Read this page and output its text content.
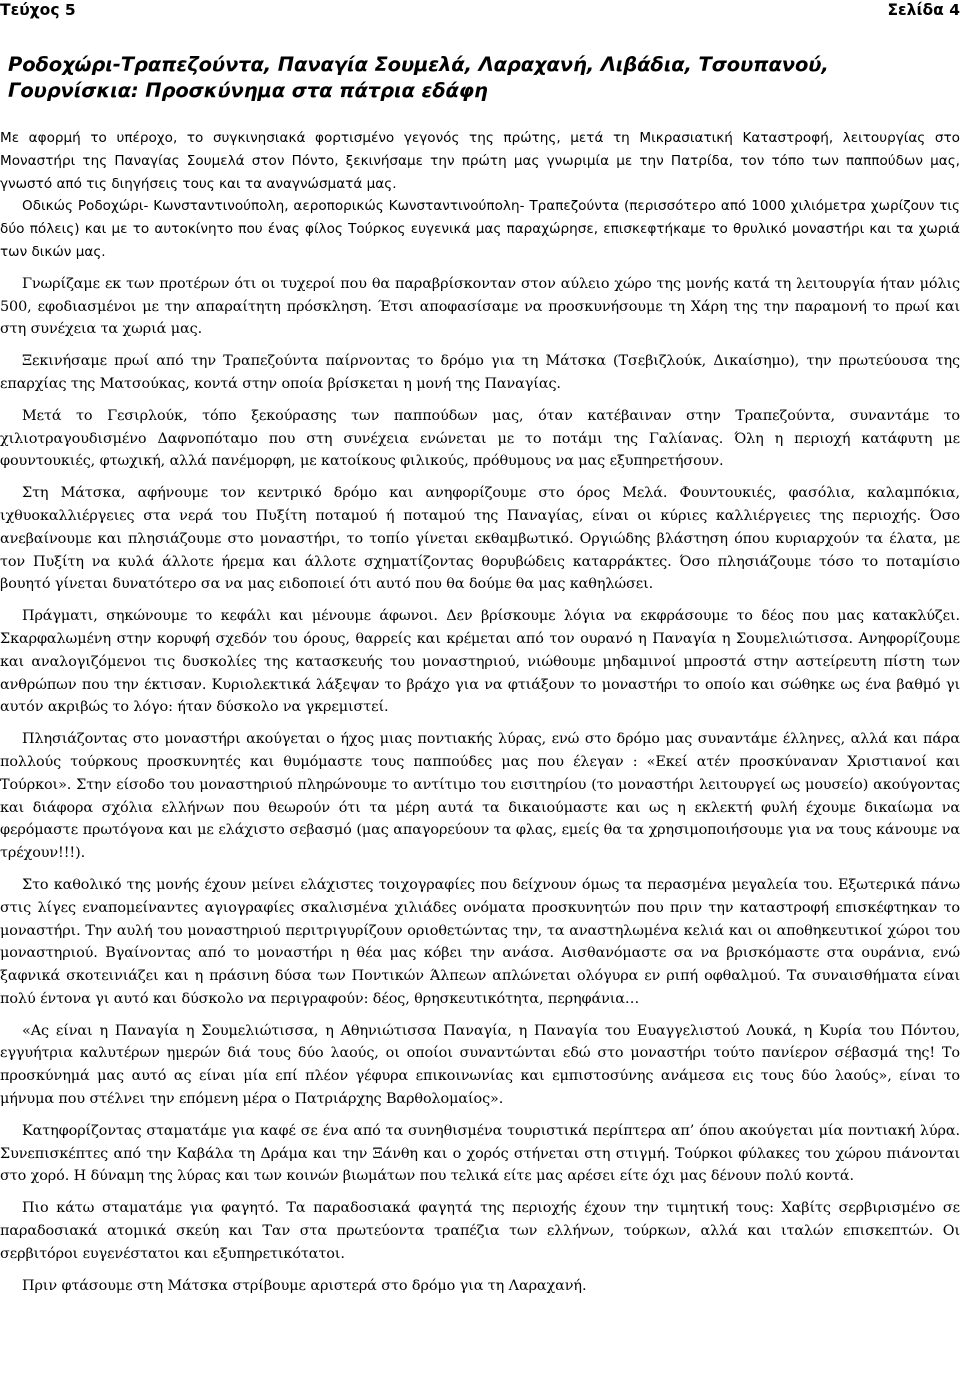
Τεύχος 5	Σελίδα 4
Ροδοχώρι-Τραπεζούντα, Παναγία Σουμελά, Λαραχανή, Λιβάδια, Τσουπανού, Γουρνίσκια: Προσκύνημα στα πάτρια εδάφη

Με αφορμή το υπέροχο, το συγκινησιακά φορτισμένο γεγονός της πρώτης, μετά τη Μικρασιατική Καταστροφή, λειτουργίας στο Μοναστήρι της Παναγίας Σουμελά στον Πόντο, ξεκινήσαμε την πρώτη μας γνωριμία με την Πατρίδα, τον τόπο των παππούδων μας, γνωστό από τις διηγήσεις τους και τα αναγνώσματά μας.

Οδικώς Ροδοχώρι- Κωνσταντινούπολη, αεροπορικώς Κωνσταντινούπολη- Τραπεζούντα (περισσότερο από 1000 χιλιόμετρα χωρίζουν τις δύο πόλεις) και με το αυτοκίνητο που ένας φίλος Τούρκος ευγενικά μας παραχώρησε, επισκεφτήκαμε το θρυλικό μοναστήρι και τα χωριά των δικών μας.

Γνωρίζαμε εκ των προτέρων ότι οι τυχεροί που θα παραβρίσκονταν στον αύλειο χώρο της μονής κατά τη λειτουργία ήταν μόλις 500, εφοδιασμένοι με την απαραίτητη πρόσκληση. Έτσι αποφασίσαμε να προσκυνήσουμε τη Χάρη της την παραμονή το πρωί και στη συνέχεια τα χωριά μας.

Ξεκινήσαμε πρωί από την Τραπεζούντα παίρνοντας το δρόμο για τη Μάτσκα (Τσεβιζλούκ, Δικαίσημο), την πρωτεύουσα της επαρχίας της Ματσούκας, κοντά στην οποία βρίσκεται η μονή της Παναγίας.

Μετά το Γεσιρλούκ, τόπο ξεκούρασης των παππούδων μας, όταν κατέβαιναν στην Τραπεζούντα, συναντάμε το χιλιοτραγουδισμένο Δαφνοπόταμο που στη συνέχεια ενώνεται με το ποτάμι της Γαλίανας. Όλη η περιοχή κατάφυτη με φουντουκιές, φτωχική, αλλά πανέμορφη, με κατοίκους φιλικούς, πρόθυμους να μας εξυπηρετήσουν.

Στη Μάτσκα, αφήνουμε τον κεντρικό δρόμο και ανηφορίζουμε στο όρος Μελά. Φουντουκιές, φασόλια, καλαμπόκια, ιχθυοκαλλιέργειες στα νερά του Πυξίτη ποταμού ή ποταμού της Παναγίας, είναι οι κύριες καλλιέργειες της περιοχής. Όσο ανεβαίνουμε και πλησιάζουμε στο μοναστήρι, το τοπίο γίνεται εκθαμβωτικό. Οργιώδης βλάστηση όπου κυριαρχούν τα έλατα, με τον Πυξίτη να κυλά άλλοτε ήρεμα και άλλοτε σχηματίζοντας θορυβώδεις καταρράκτες. Όσο πλησιάζουμε τόσο το ποταμίσιο βουητό γίνεται δυνατότερο σα να μας ειδοποιεί ότι αυτό που θα δούμε θα μας καθηλώσει.

Πράγματι, σηκώνουμε το κεφάλι και μένουμε άφωνοι. Δεν βρίσκουμε λόγια να εκφράσουμε το δέος που μας κατακλύζει. Σκαρφαλωμένη στην κορυφή σχεδόν του όρους, θαρρείς και κρέμεται από τον ουρανό η Παναγία η Σουμελιώτισσα. Ανηφορίζουμε και αναλογιζόμενοι τις δυσκολίες της κατασκευής του μοναστηριού, νιώθουμε μηδαμινοί μπροστά στην αστείρευτη πίστη των ανθρώπων που την έκτισαν. Κυριολεκτικά λάξεψαν το βράχο για να φτιάξουν το μοναστήρι το οποίο και σώθηκε ως ένα βαθμό γι αυτόν ακριβώς το λόγο: ήταν δύσκολο να γκρεμιστεί.

Πλησιάζοντας στο μοναστήρι ακούγεται ο ήχος μιας ποντιακής λύρας, ενώ στο δρόμο μας συναντάμε έλληνες, αλλά και πάρα πολλούς τούρκους προσκυνητές και θυμόμαστε τους παππούδες μας που έλεγαν : «Εκεί ατέν προσκύναναν Χριστιανοί και Τούρκοι». Στην είσοδο του μοναστηριού πληρώνουμε το αντίτιμο του εισιτηρίου (το μοναστήρι λειτουργεί ως μουσείο) ακούγοντας και διάφορα σχόλια ελλήνων που θεωρούν ότι τα μέρη αυτά τα δικαιούμαστε και ως η εκλεκτή φυλή έχουμε δικαίωμα να φερόμαστε πρωτόγονα και με ελάχιστο σεβασμό (μας απαγορεύουν τα φλας, εμείς θα τα χρησιμοποιήσουμε για να τους κάνουμε να τρέχουν!!!).

Στο καθολικό της μονής έχουν μείνει ελάχιστες τοιχογραφίες που δείχνουν όμως τα περασμένα μεγαλεία του. Εξωτερικά πάνω στις λίγες εναπομείναντες αγιογραφίες σκαλισμένα χιλιάδες ονόματα προσκυνητών που πριν την καταστροφή επισκέφτηκαν το μοναστήρι. Την αυλή του μοναστηριού περιτριγυρίζουν οριοθετώντας την, τα αναστηλωμένα κελιά και οι αποθηκευτικοί χώροι του μοναστηριού. Βγαίνοντας από το μοναστήρι η θέα μας κόβει την ανάσα. Αισθανόμαστε σα να βρισκόμαστε στα ουράνια, ενώ ξαφνικά σκοτεινιάζει και η πράσινη δύσα των Ποντικών Άλπεων απλώνεται ολόγυρα εν ριπή οφθαλμού. Τα συναισθήματα είναι πολύ έντονα γι αυτό και δύσκολο να περιγραφούν: δέος, θρησκευτικότητα, περηφάνια…

«Ας είναι η Παναγία η Σουμελιώτισσα, η Αθηνιώτισσα Παναγία, η Παναγία του Ευαγγελιστού Λουκά, η Κυρία του Πόντου, εγγυήτρια καλυτέρων ημερών διά τους δύο λαούς, οι οποίοι συναντώνται εδώ στο μοναστήρι τούτο πανίερον σέβασμά της! Το προσκύνημά μας αυτό ας είναι μία επί πλέον γέφυρα επικοινωνίας και εμπιστοσύνης ανάμεσα εις τους δύο λαούς», είναι το μήνυμα που στέλνει την επόμενη μέρα ο Πατριάρχης Βαρθολομαίος».

Κατηφορίζοντας σταματάμε για καφέ σε ένα από τα συνηθισμένα τουριστικά περίπτερα απ’ όπου ακούγεται μία ποντιακή λύρα. Συνεπισκέπτες από την Καβάλα τη Δράμα και την Ξάνθη και ο χορός στήνεται στη στιγμή. Τούρκοι φύλακες του χώρου πιάνονται στο χορό. Η δύναμη της λύρας και των κοινών βιωμάτων που τελικά είτε μας αρέσει είτε όχι μας δένουν πολύ κοντά.

Πιο κάτω σταματάμε για φαγητό. Τα παραδοσιακά φαγητά της περιοχής έχουν την τιμητική τους: Χαβίτς σερβιρισμένο σε παραδοσιακά ατομικά σκεύη και Ταν στα πρωτεύοντα τραπέζια των ελλήνων, τούρκων, αλλά και ιταλών επισκεπτών. Οι σερβιτόροι ευγενέστατοι και εξυπηρετικότατοι.

Πριν φτάσουμε στη Μάτσκα στρίβουμε αριστερά στο δρόμο για τη Λαραχανή.
